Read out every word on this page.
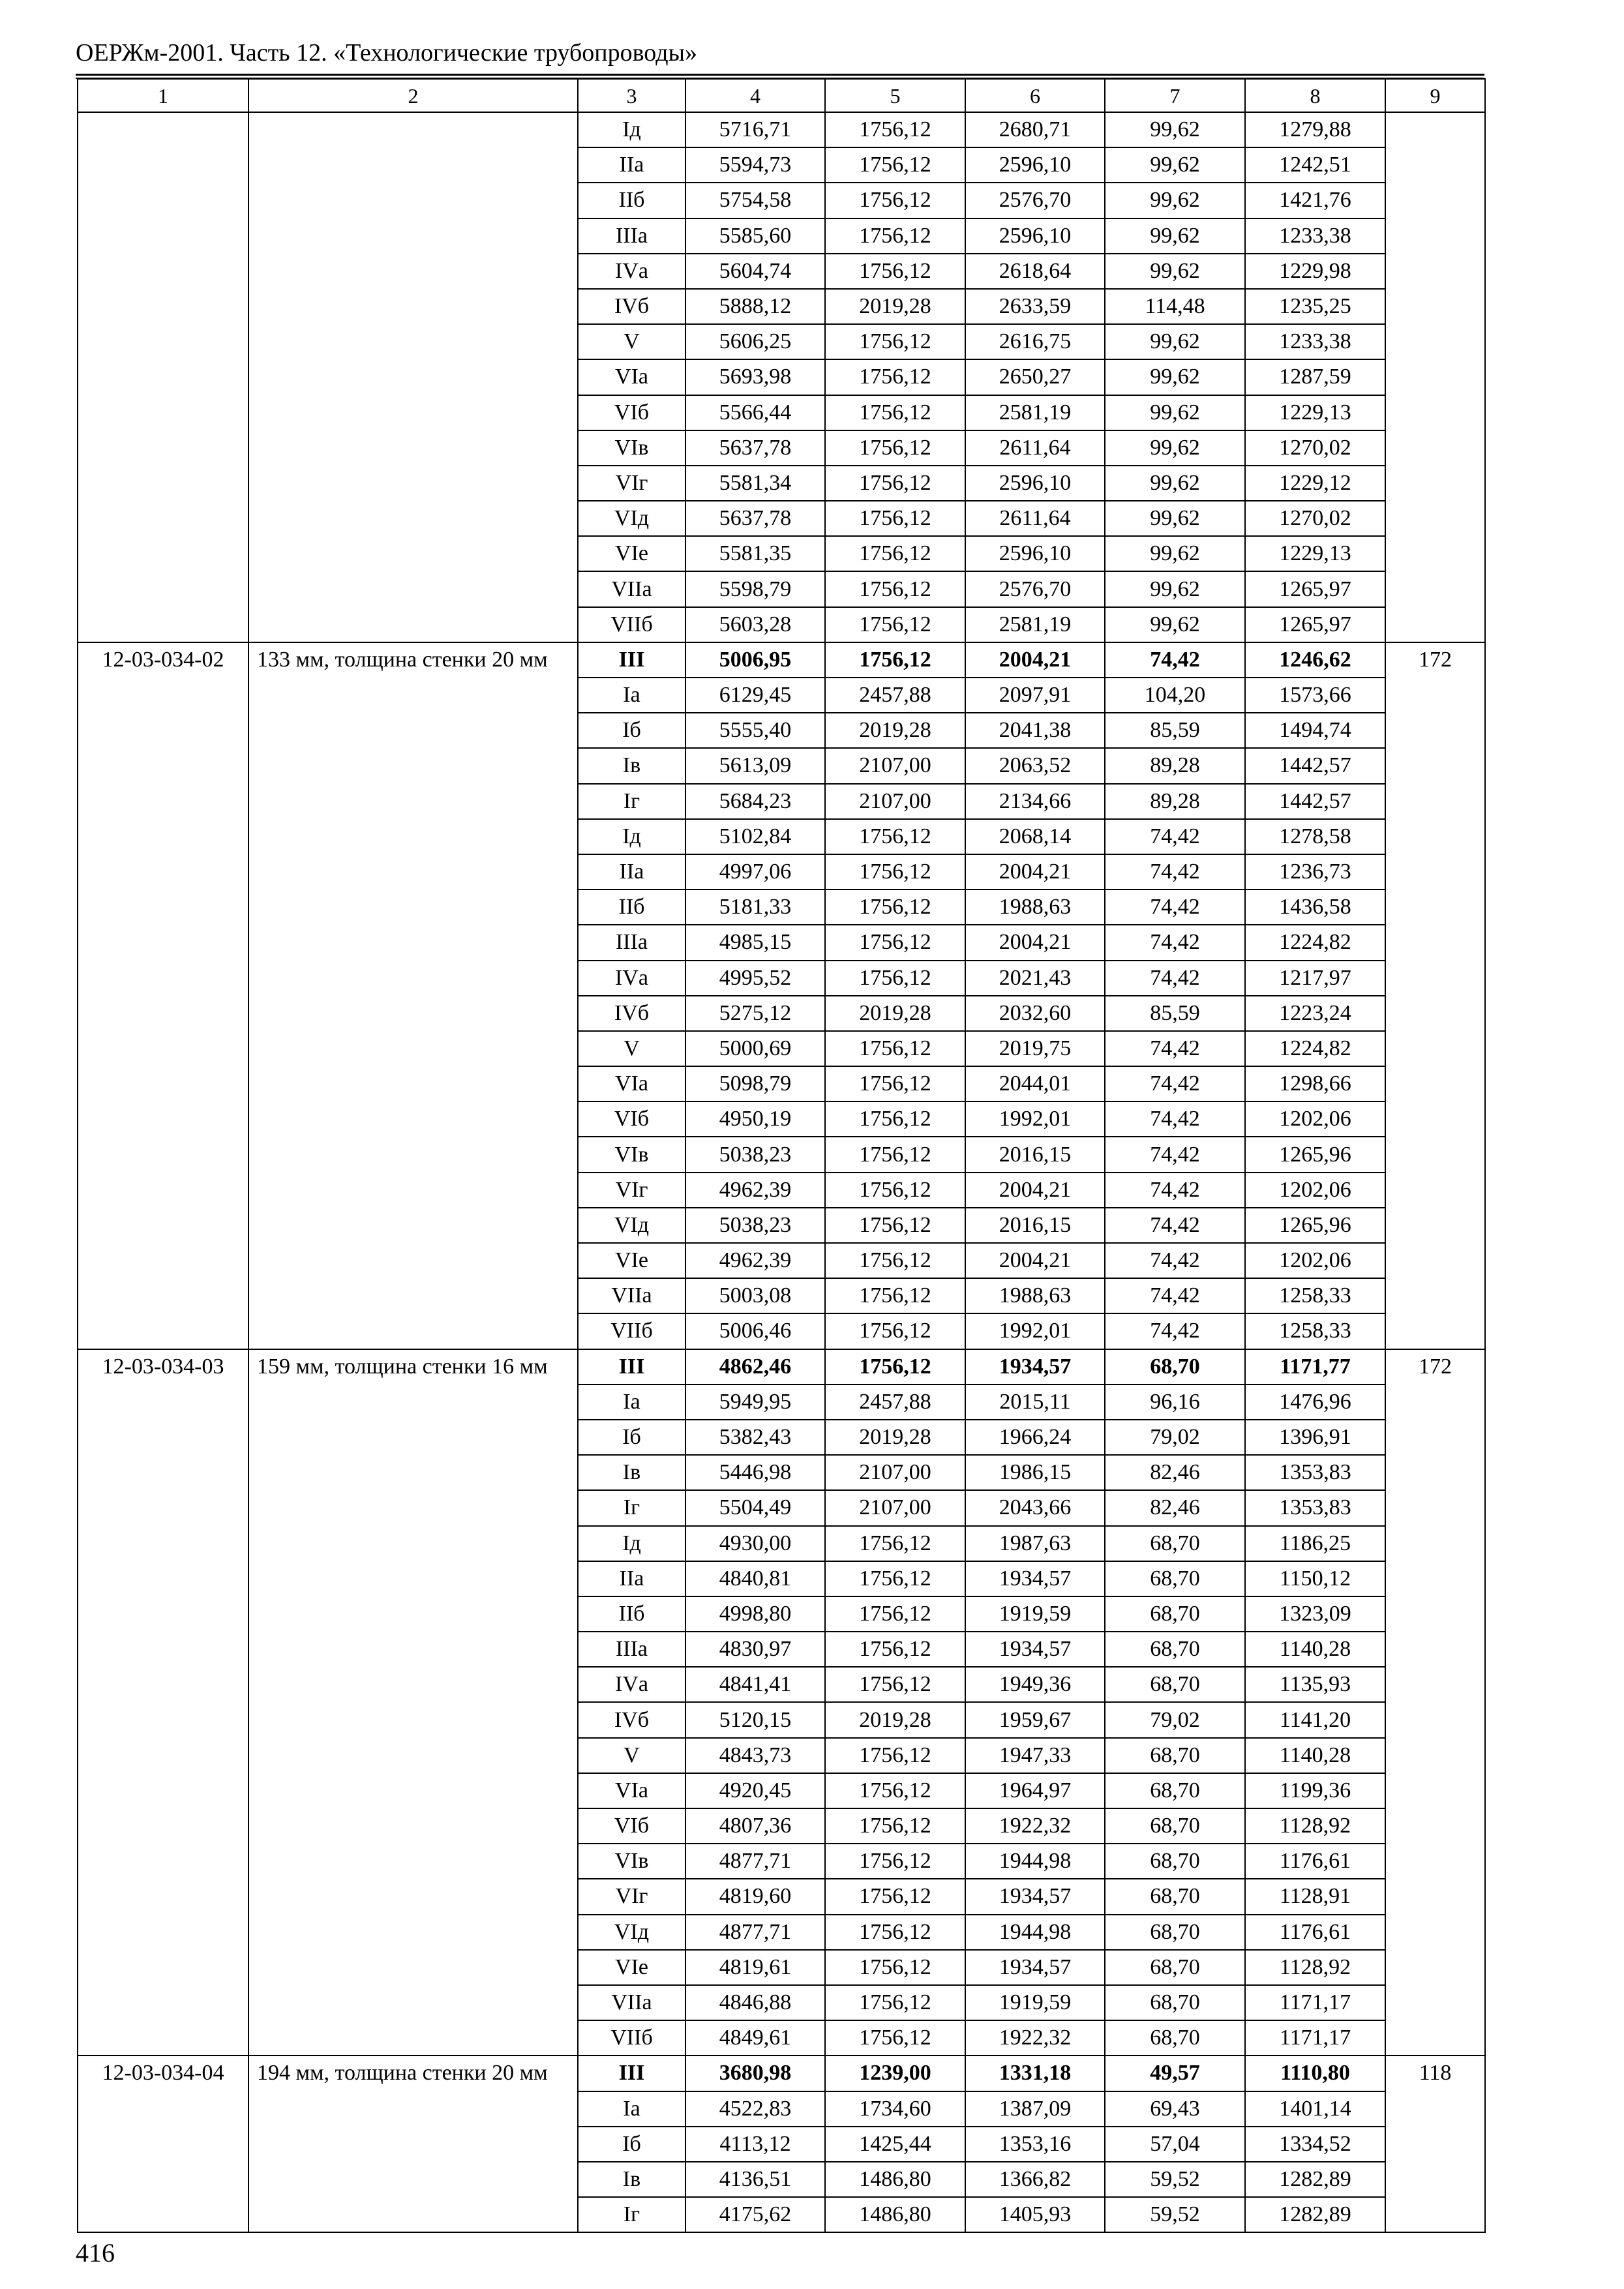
ОЕРЖм-2001. Часть 12. «Технологические трубопроводы»
1	2	3	4	5	6	7	8	9
		Iд	5716,71	1756,12	2680,71	99,62	1279,88	
		IIа	5594,73	1756,12	2596,10	99,62	1242,51	
		IIб	5754,58	1756,12	2576,70	99,62	1421,76	
		IIIа	5585,60	1756,12	2596,10	99,62	1233,38	
		IVа	5604,74	1756,12	2618,64	99,62	1229,98	
		IVб	5888,12	2019,28	2633,59	114,48	1235,25	
		V	5606,25	1756,12	2616,75	99,62	1233,38	
		VIа	5693,98	1756,12	2650,27	99,62	1287,59	
		VIб	5566,44	1756,12	2581,19	99,62	1229,13	
		VIв	5637,78	1756,12	2611,64	99,62	1270,02	
		VIг	5581,34	1756,12	2596,10	99,62	1229,12	
		VIд	5637,78	1756,12	2611,64	99,62	1270,02	
		VIе	5581,35	1756,12	2596,10	99,62	1229,13	
		VIIа	5598,79	1756,12	2576,70	99,62	1265,97	
		VIIб	5603,28	1756,12	2581,19	99,62	1265,97	
12-03-034-02	133 мм, толщина стенки 20 мм	III	5006,95	1756,12	2004,21	74,42	1246,62	172
		Iа	6129,45	2457,88	2097,91	104,20	1573,66	
		Iб	5555,40	2019,28	2041,38	85,59	1494,74	
		Iв	5613,09	2107,00	2063,52	89,28	1442,57	
		Iг	5684,23	2107,00	2134,66	89,28	1442,57	
		Iд	5102,84	1756,12	2068,14	74,42	1278,58	
		IIа	4997,06	1756,12	2004,21	74,42	1236,73	
		IIб	5181,33	1756,12	1988,63	74,42	1436,58	
		IIIа	4985,15	1756,12	2004,21	74,42	1224,82	
		IVа	4995,52	1756,12	2021,43	74,42	1217,97	
		IVб	5275,12	2019,28	2032,60	85,59	1223,24	
		V	5000,69	1756,12	2019,75	74,42	1224,82	
		VIа	5098,79	1756,12	2044,01	74,42	1298,66	
		VIб	4950,19	1756,12	1992,01	74,42	1202,06	
		VIв	5038,23	1756,12	2016,15	74,42	1265,96	
		VIг	4962,39	1756,12	2004,21	74,42	1202,06	
		VIд	5038,23	1756,12	2016,15	74,42	1265,96	
		VIе	4962,39	1756,12	2004,21	74,42	1202,06	
		VIIа	5003,08	1756,12	1988,63	74,42	1258,33	
		VIIб	5006,46	1756,12	1992,01	74,42	1258,33	
12-03-034-03	159 мм, толщина стенки 16 мм	III	4862,46	1756,12	1934,57	68,70	1171,77	172
		Iа	5949,95	2457,88	2015,11	96,16	1476,96	
		Iб	5382,43	2019,28	1966,24	79,02	1396,91	
		Iв	5446,98	2107,00	1986,15	82,46	1353,83	
		Iг	5504,49	2107,00	2043,66	82,46	1353,83	
		Iд	4930,00	1756,12	1987,63	68,70	1186,25	
		IIа	4840,81	1756,12	1934,57	68,70	1150,12	
		IIб	4998,80	1756,12	1919,59	68,70	1323,09	
		IIIа	4830,97	1756,12	1934,57	68,70	1140,28	
		IVа	4841,41	1756,12	1949,36	68,70	1135,93	
		IVб	5120,15	2019,28	1959,67	79,02	1141,20	
		V	4843,73	1756,12	1947,33	68,70	1140,28	
		VIа	4920,45	1756,12	1964,97	68,70	1199,36	
		VIб	4807,36	1756,12	1922,32	68,70	1128,92	
		VIв	4877,71	1756,12	1944,98	68,70	1176,61	
		VIг	4819,60	1756,12	1934,57	68,70	1128,91	
		VIд	4877,71	1756,12	1944,98	68,70	1176,61	
		VIе	4819,61	1756,12	1934,57	68,70	1128,92	
		VIIа	4846,88	1756,12	1919,59	68,70	1171,17	
		VIIб	4849,61	1756,12	1922,32	68,70	1171,17	
12-03-034-04	194 мм, толщина стенки 20 мм	III	3680,98	1239,00	1331,18	49,57	1110,80	118
		Iа	4522,83	1734,60	1387,09	69,43	1401,14	
		Iб	4113,12	1425,44	1353,16	57,04	1334,52	
		Iв	4136,51	1486,80	1366,82	59,52	1282,89	
		Iг	4175,62	1486,80	1405,93	59,52	1282,89	
416
